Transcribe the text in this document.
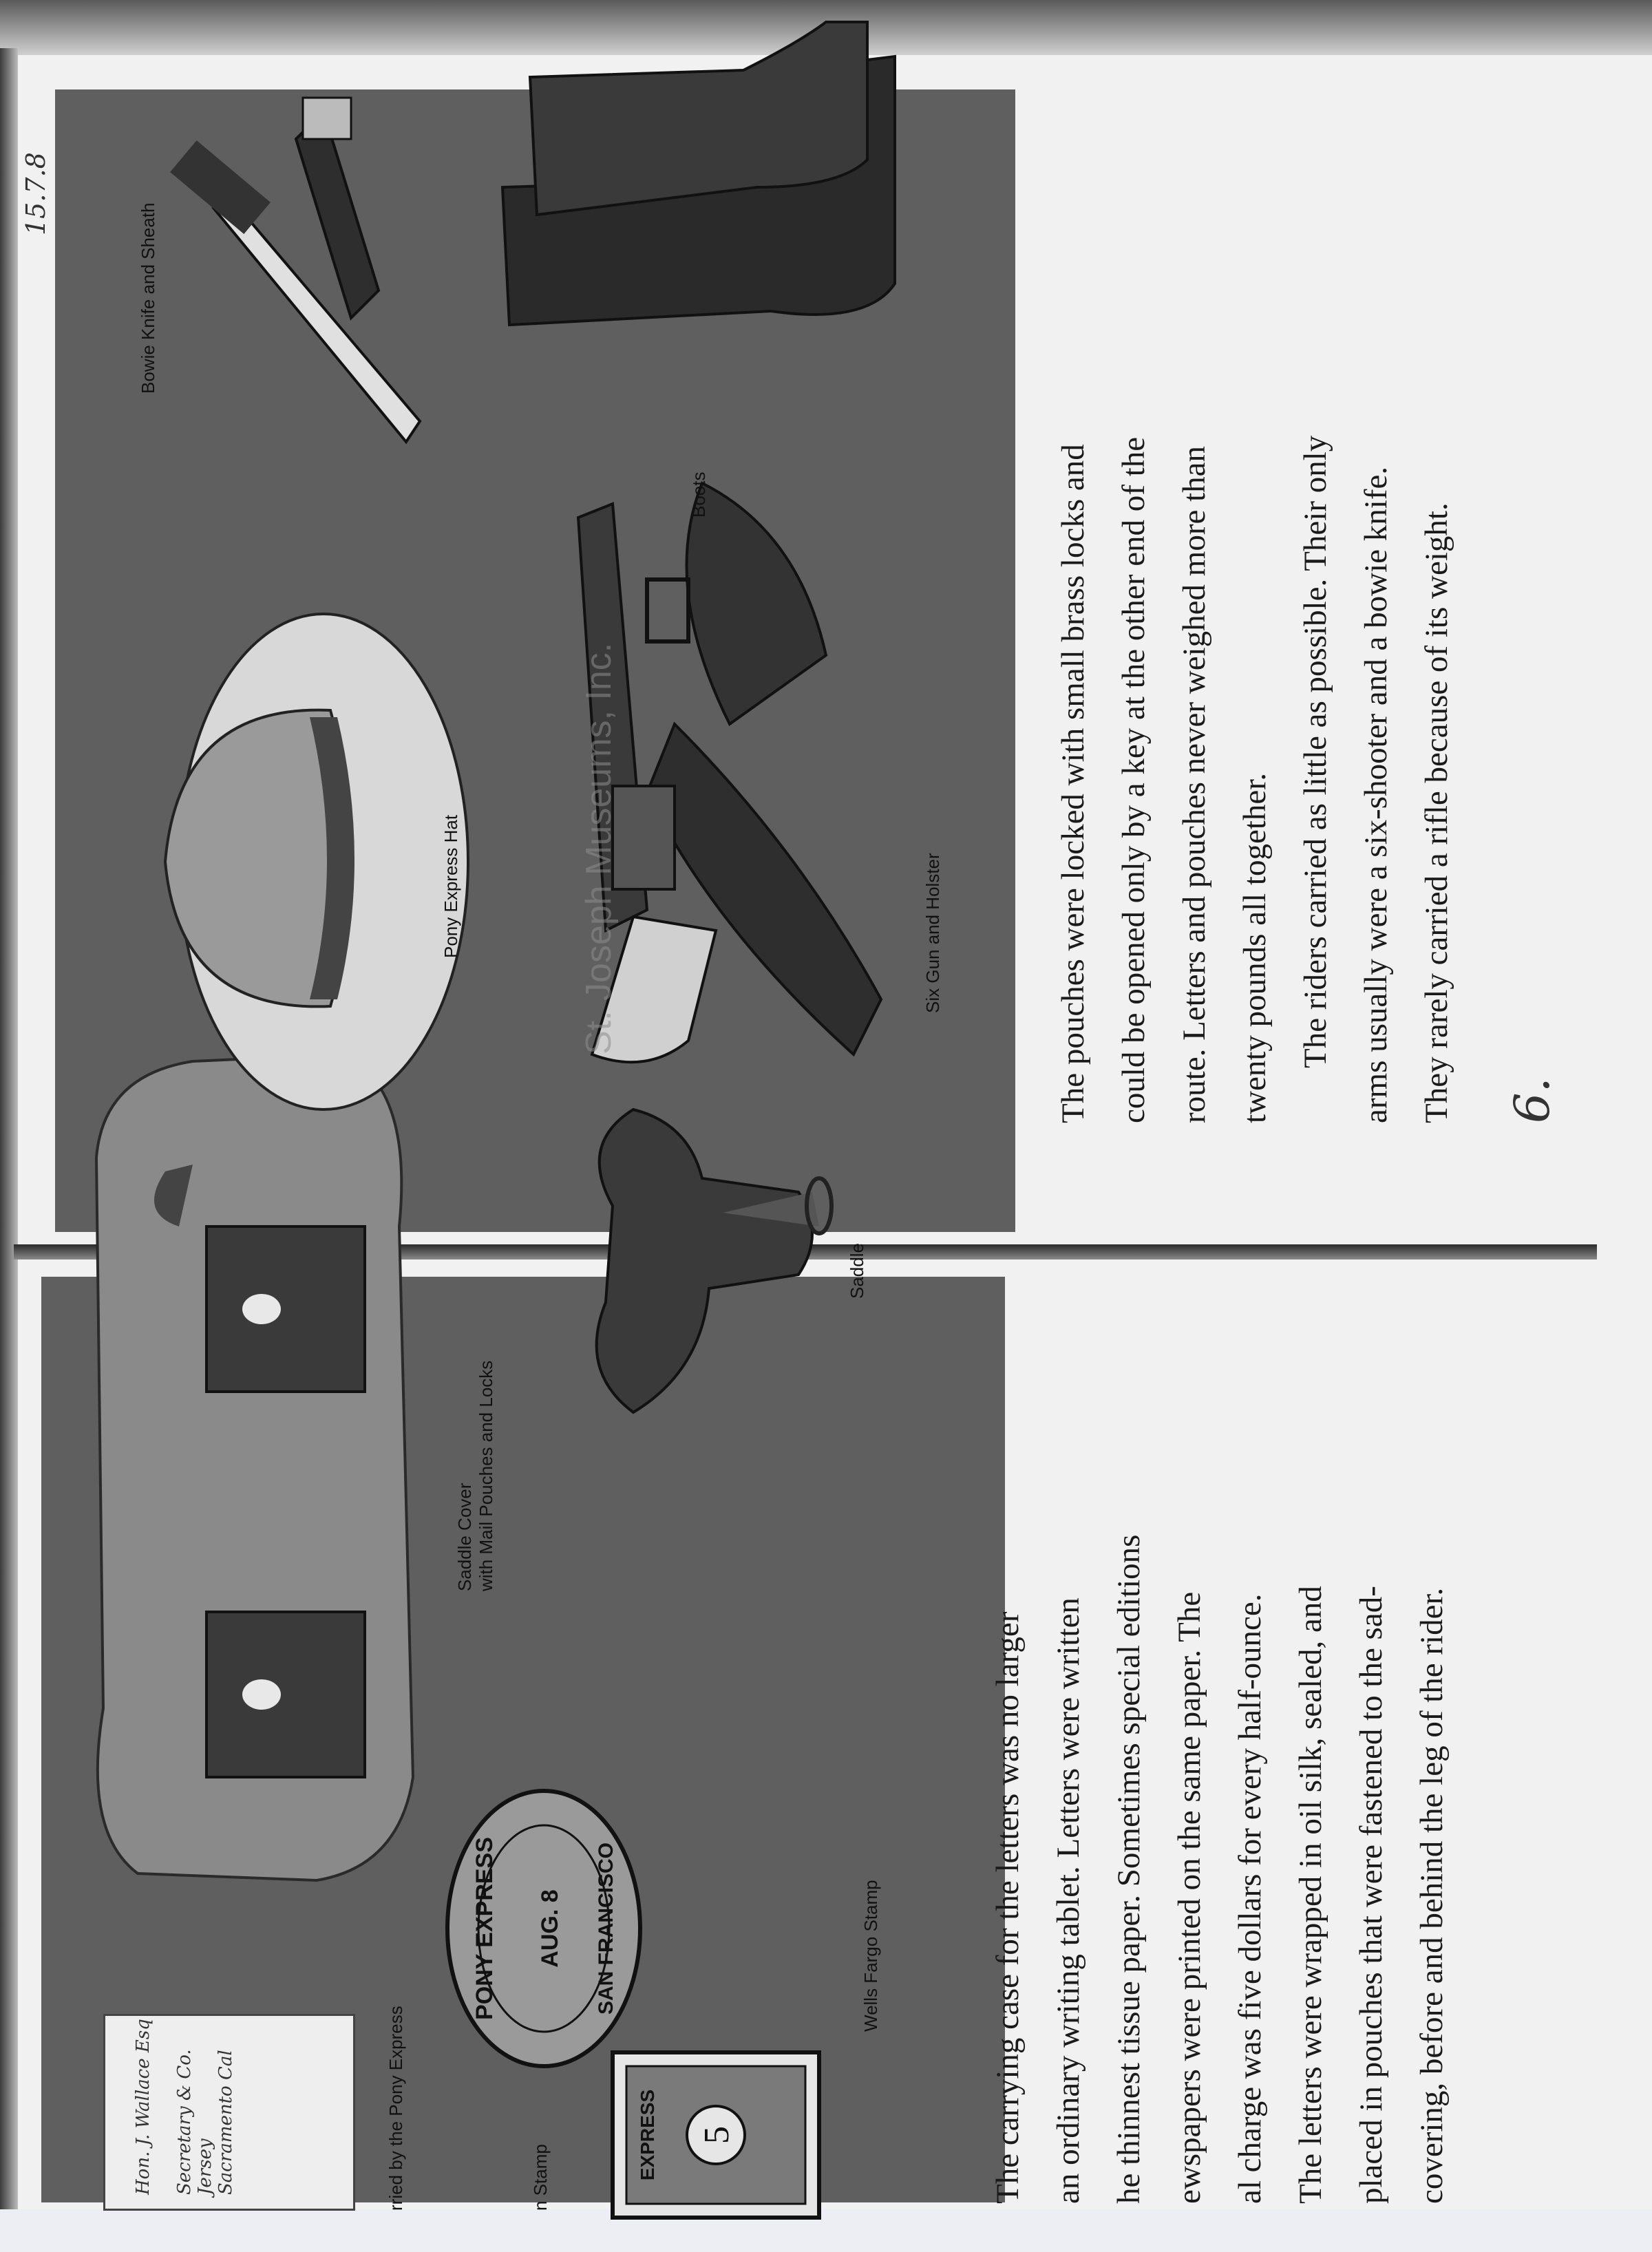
Saddle Cover with Mail Pouches and Locks
Saddle
PONY EXPRESS AUG. 8 SAN FRANCISCO
5
EXPRESS
Wells Fargo Stamp
Hon. J. Wallace Esq Secretary & Co. Jersey Sacramento Cal	rried by the Pony Express	n Stamp	The carrying case for the letters was no larger an ordinary writing tablet. Letters were written he thinnest tissue paper. Sometimes special editions ewspapers were printed on the same paper. The al charge was five dollars for every half-ounce. The letters were wrapped in oil silk, sealed, and placed in pouches that were fastened to the sad- covering, before and behind the leg of the rider.
Pony Express Hat
Bowie Knife and Sheath
Six Gun and Holster
Boots
St. Joseph Museums, Inc.	The pouches were locked with small brass locks and could be opened only by a key at the other end of the route. Letters and pouches never weighed more than twenty pounds all together. The riders carried as little as possible. Their only arms usually were a six-shooter and a bowie knife. They rarely carried a rifle because of its weight. 6.
15.7.8
